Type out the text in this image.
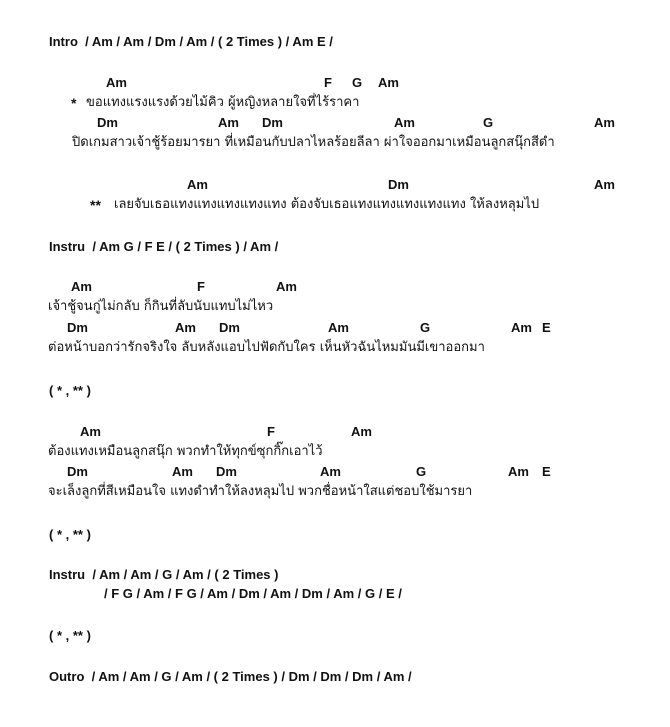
Intro  / Am / Am / Dm / Am / ( 2 Times ) / Am E /

Am

	F

G

Am

*

ขอแทงแรงแรงด้วยไม้คิว ผู้หญิงหลายใจที่ไร้ราคา

Dm

	Am

Dm

	Am

	G

	Am

ปิดเกมสาวเจ้าชู้ร้อยมารยา ที่เหมือนกับปลาไหลร้อยลีลา ผ่าใจออกมาเหมือนลูกสนุ๊กสีดำ

Am

	Dm

	Am

**

เลยจับเธอแทงแทงแทงแทงแทง ต้องจับเธอแทงแทงแทงแทงแทง ให้ลงหลุมไป

Instru  / Am G / F E / ( 2 Times ) / Am /

Am

	F

	Am

เจ้าชู้จนกู่ไม่กลับ ก็กินที่ลับนับแทบไม่ไหว

Dm

	Am

Dm

	Am

	G

	Am

E

ต่อหน้าบอกว่ารักจริงใจ ลับหลังแอบไปฟัดกับใคร เห็นหัวฉันไหมมันมีเขาออกมา

( * , ** )

Am

	F

	Am

ต้องแทงเหมือนลูกสนุ๊ก พวกทำให้ทุกข์ซุกกิ๊กเอาไว้

Dm

	Am

Dm

	Am

	G

	Am

E

จะเล็งลูกที่สีเหมือนใจ แทงดำทำให้ลงหลุมไป พวกชื่อหน้าใสแต่ชอบใช้มารยา

( * , ** )

Instru  / Am / Am / G / Am / ( 2 Times )

/ F G / Am / F G / Am / Dm / Am / Dm / Am / G / E /

( * , ** )

Outro  / Am / Am / G / Am / ( 2 Times ) / Dm / Dm / Dm / Am /
